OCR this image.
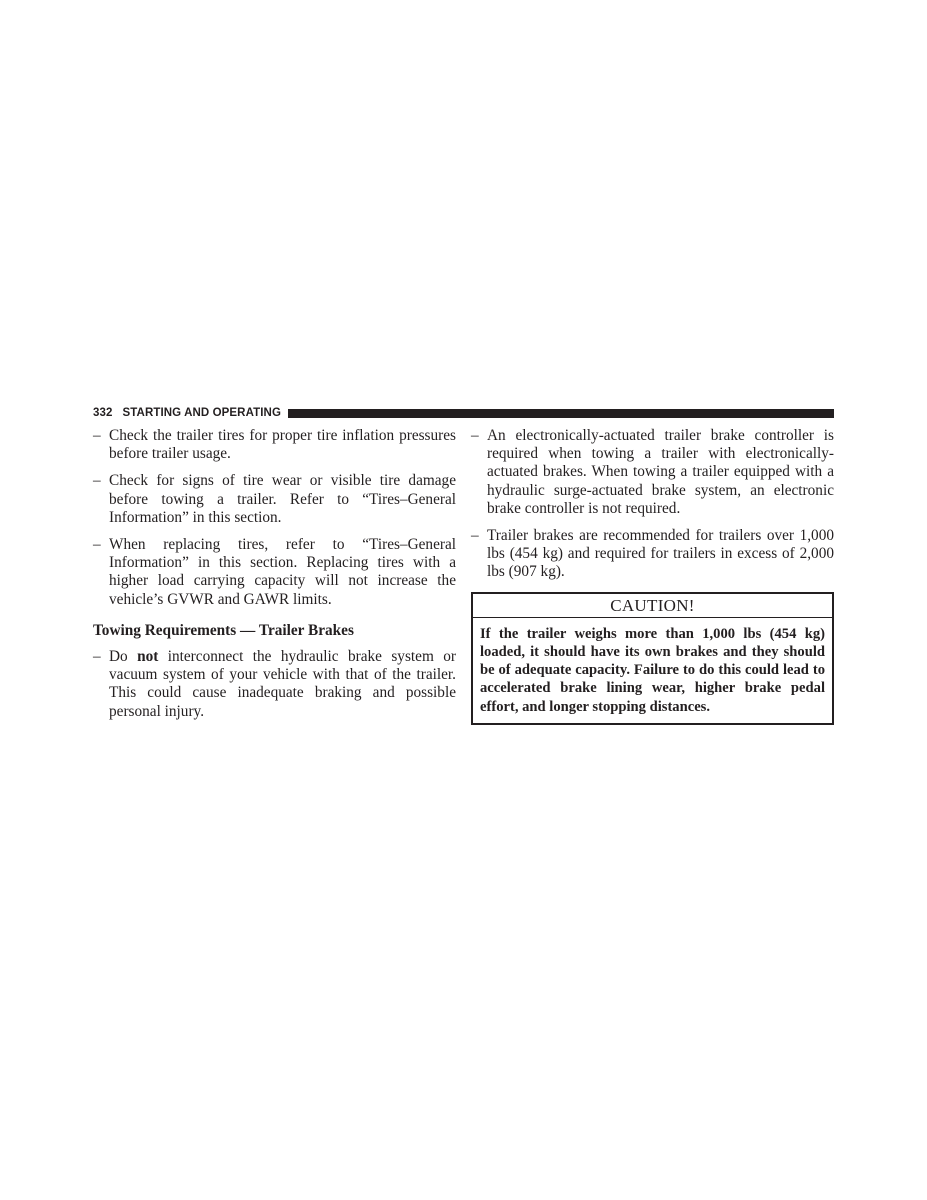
332 STARTING AND OPERATING
– Check the trailer tires for proper tire inflation pressures before trailer usage.
– Check for signs of tire wear or visible tire damage before towing a trailer. Refer to “Tires–General Information” in this section.
– When replacing tires, refer to “Tires–General Information” in this section. Replacing tires with a higher load carrying capacity will not increase the vehicle’s GVWR and GAWR limits.
Towing Requirements — Trailer Brakes
– Do not interconnect the hydraulic brake system or vacuum system of your vehicle with that of the trailer. This could cause inadequate braking and possible personal injury.
– An electronically-actuated trailer brake controller is required when towing a trailer with electronically-actuated brakes. When towing a trailer equipped with a hydraulic surge-actuated brake system, an electronic brake controller is not required.
– Trailer brakes are recommended for trailers over 1,000 lbs (454 kg) and required for trailers in excess of 2,000 lbs (907 kg).
CAUTION!
If the trailer weighs more than 1,000 lbs (454 kg) loaded, it should have its own brakes and they should be of adequate capacity. Failure to do this could lead to accelerated brake lining wear, higher brake pedal effort, and longer stopping distances.
